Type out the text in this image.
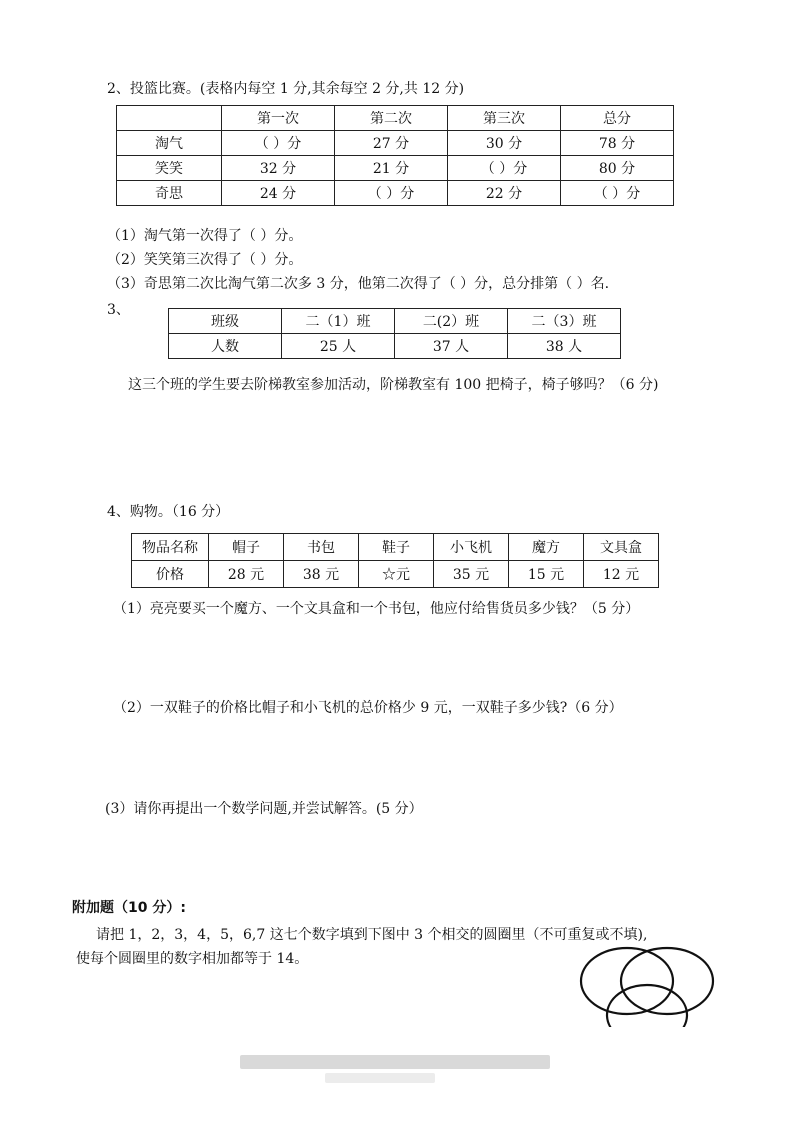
2、投篮比赛。(表格内每空 1 分,其余每空 2 分,共 12 分)
	第一次	第二次	第三次	总分
淘气	（ ）分	27 分	30 分	78 分
笑笑	32 分	21 分	（ ）分	80 分
奇思	24 分	（ ）分	22 分	（ ）分
（1）淘气第一次得了（ ）分。
（2）笑笑第三次得了（ ）分。
（3）奇思第二次比淘气第二次多 3 分，他第二次得了（ ）分，总分排第（ ）名.
3、
班级	二（1）班	二(2）班	二（3）班
人数	25 人	37 人	38 人
这三个班的学生要去阶梯教室参加活动，阶梯教室有 100 把椅子，椅子够吗？（6 分)
4、购物。（16 分）
物品名称	帽子	书包	鞋子	小飞机	魔方	文具盒
价格	28 元	38 元	☆元	35 元	15 元	12 元
（1）亮亮要买一个魔方、一个文具盒和一个书包，他应付给售货员多少钱？（5 分）
（2）一双鞋子的价格比帽子和小飞机的总价格少 9 元，一双鞋子多少钱?（6 分）
(3）请你再提出一个数学问题,并尝试解答。(5 分）
附加题（10 分）:
请把 1，2，3，4，5，6,7 这七个数字填到下图中 3 个相交的圆圈里（不可重复或不填),
使每个圆圈里的数字相加都等于 14。
